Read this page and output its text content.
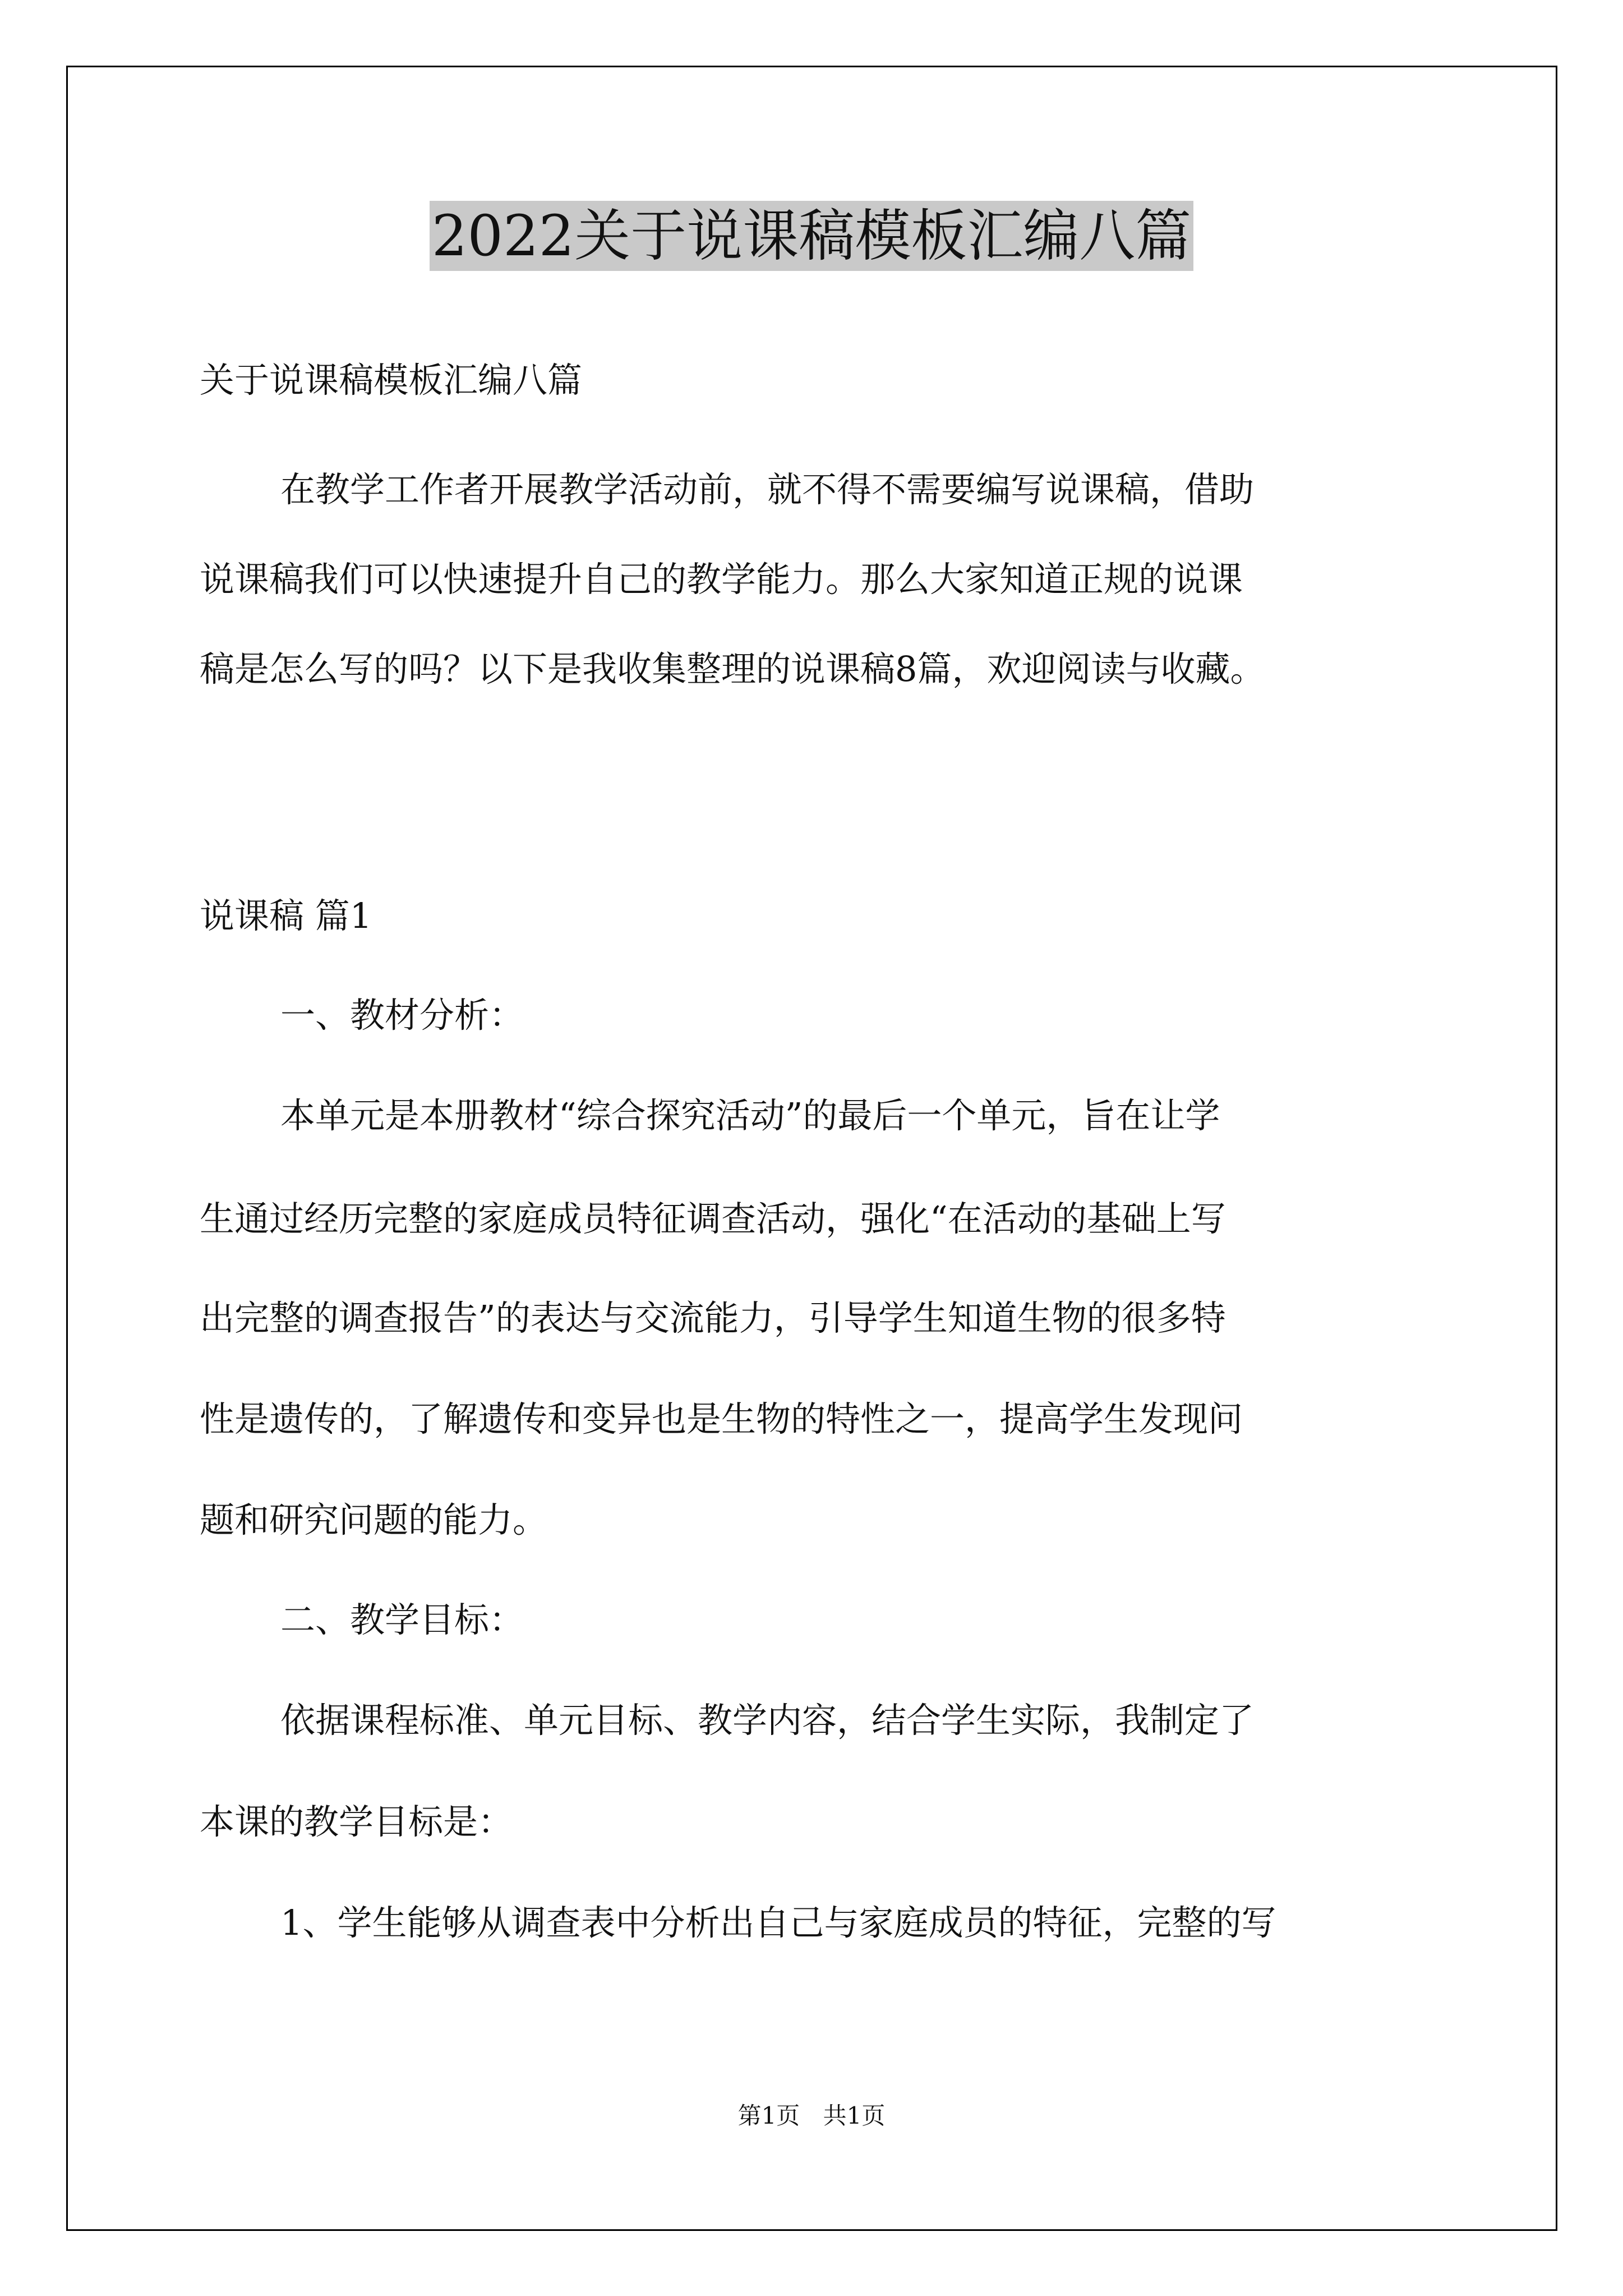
2022关于说课稿模板汇编八篇
关于说课稿模板汇编八篇
在教学工作者开展教学活动前，就不得不需要编写说课稿，借助
说课稿我们可以快速提升自己的教学能力。那么大家知道正规的说课
稿是怎么写的吗？以下是我收集整理的说课稿8篇，欢迎阅读与收藏。
说课稿 篇1
一、教材分析：
本单元是本册教材“综合探究活动”的最后一个单元，旨在让学
生通过经历完整的家庭成员特征调查活动，强化“在活动的基础上写
出完整的调查报告”的表达与交流能力，引导学生知道生物的很多特
性是遗传的，了解遗传和变异也是生物的特性之一，提高学生发现问
题和研究问题的能力。
二、教学目标：
依据课程标准、单元目标、教学内容，结合学生实际，我制定了
本课的教学目标是：
1、学生能够从调查表中分析出自己与家庭成员的特征，完整的写
第1页 共1页
